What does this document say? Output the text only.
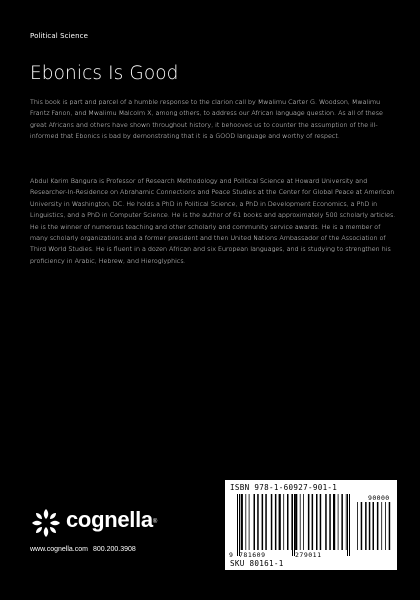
Political Science
Ebonics Is Good

This book is part and parcel of a humble response to the clarion call by Mwalimu Carter G. Woodson, Mwalimu Frantz Fanon, and Mwalimu Malcolm X, among others, to address our African language question. As all of these great Africans and others have shown throughout history, it behooves us to counter the assumption of the ill-informed that Ebonics is bad by demonstrating that it is a GOOD language and worthy of respect.

Abdul Karim Bangura is Professor of Research Methodology and Political Science at Howard University and Researcher-In-Residence on Abrahamic Connections and Peace Studies at the Center for Global Peace at American University in Washington, DC. He holds a PhD in Political Science, a PhD in Development Economics, a PhD in Linguistics, and a PhD in Computer Science. He is the author of 61 books and approximately 500 scholarly articles. He is the winner of numerous teaching and other scholarly and community service awards. He is a member of many scholarly organizations and a former president and then United Nations Ambassador of the Association of Third World Studies. He is fluent in a dozen African and six European languages, and is studying to strengthen his proficiency in Arabic, Hebrew, and Hieroglyphics.

cognella®
www.cognella.com 800.200.3908
ISBN 978-1-60927-901-1
90000
9 781609	279011
SKU 80161-1
